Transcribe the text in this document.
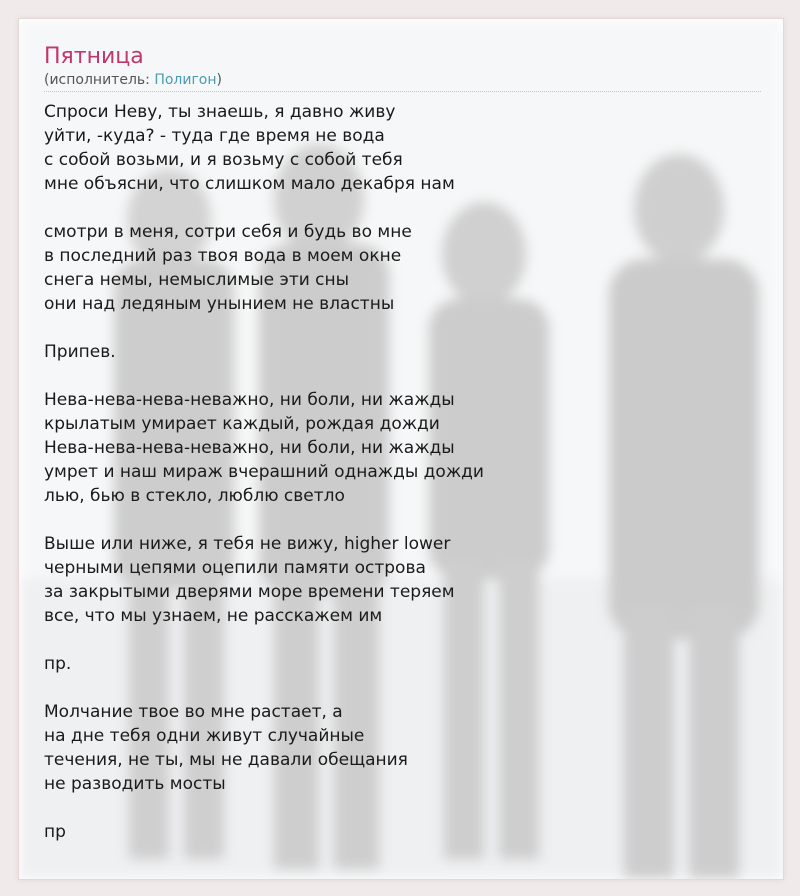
Пятница
(исполнитель: Полигон)
Спроси Неву, ты знаешь, я давно живу
уйти, -куда? - туда где время не вода
с собой возьми, и я возьму с собой тебя
мне объясни, что слишком мало декабря нам
смотри в меня, сотри себя и будь во мне
в последний раз твоя вода в моем окне
снега немы, немыслимые эти сны
они над ледяным унынием не властны
Припев.
Нева-нева-нева-неважно, ни боли, ни жажды
крылатым умирает каждый, рождая дожди
Нева-нева-нева-неважно, ни боли, ни жажды
умрет и наш мираж вчерашний однажды дожди
лью, бью в стекло, люблю светло
Выше или ниже, я тебя не вижу, higher lower
черными цепями оцепили памяти острова
за закрытыми дверями море времени теряем
все, что мы узнаем, не расскажем им
пр.
Молчание твое во мне растает, а
на дне тебя одни живут случайные
течения, не ты, мы не давали обещания
не разводить мосты
пр
